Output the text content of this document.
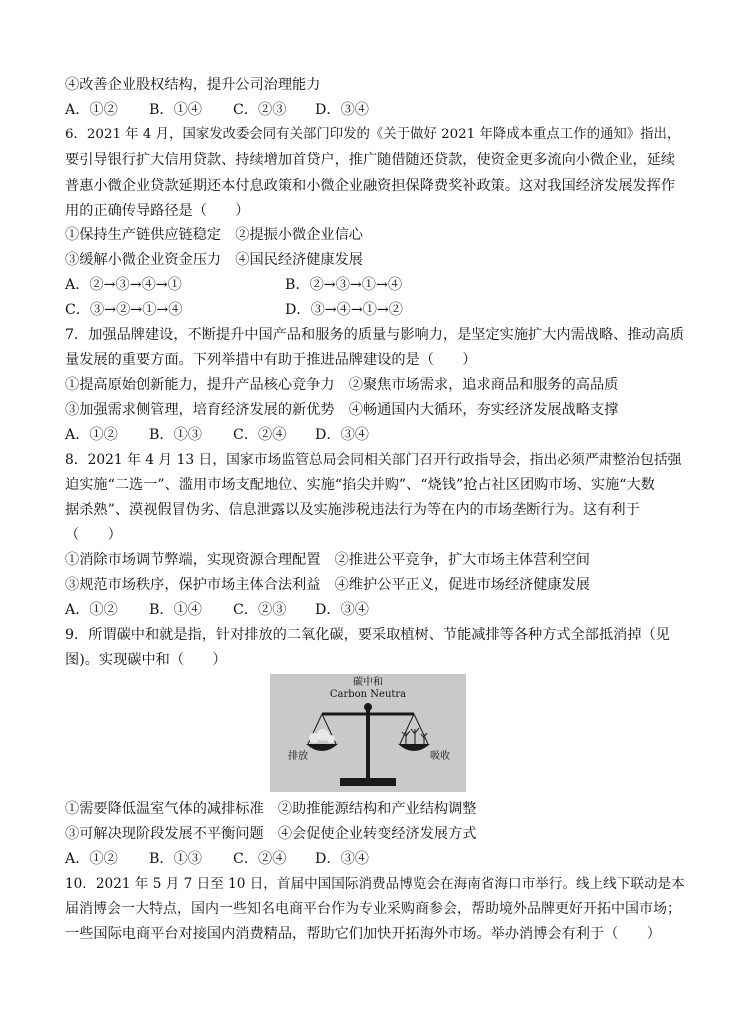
④改善企业股权结构，提升公司治理能力
A．①② B．①④ C．②③ D．③④
6．2021 年 4 月，国家发改委会同有关部门印发的《关于做好 2021 年降成本重点工作的通知》指出，
要引导银行扩大信用贷款、持续增加首贷户，推广随借随还贷款，使资金更多流向小微企业，延续
普惠小微企业贷款延期还本付息政策和小微企业融资担保降费奖补政策。这对我国经济发展发挥作
用的正确传导路径是（　　）
①保持生产链供应链稳定　②提振小微企业信心
③缓解小微企业资金压力　④国民经济健康发展
A．②→③→④→①	B．②→③→①→④
C．③→②→①→④	D．③→④→①→②
7．加强品牌建设，不断提升中国产品和服务的质量与影响力，是坚定实施扩大内需战略、推动高质
量发展的重要方面。下列举措中有助于推进品牌建设的是（　　）
①提高原始创新能力，提升产品核心竞争力　②聚焦市场需求，追求商品和服务的高品质
③加强需求侧管理，培育经济发展的新优势　④畅通国内大循环，夯实经济发展战略支撑
A．①② B．①③ C．②④ D．③④
8．2021 年 4 月 13 日，国家市场监管总局会同相关部门召开行政指导会，指出必须严肃整治包括强
迫实施“二选一”、滥用市场支配地位、实施“掐尖并购”、“烧钱”抢占社区团购市场、实施“大数
据杀熟”、漠视假冒伪劣、信息泄露以及实施涉税违法行为等在内的市场垄断行为。这有利于
（　　）
①消除市场调节弊端，实现资源合理配置　②推进公平竞争，扩大市场主体营利空间
③规范市场秩序，保护市场主体合法利益　④维护公平正义，促进市场经济健康发展
A．①② B．①④ C．②③ D．③④
9．所谓碳中和就是指，针对排放的二氧化碳，要采取植树、节能减排等各种方式全部抵消掉（见
图)。实现碳中和（　　）
碳中和
Carbon Neutra
排放	吸收
①需要降低温室气体的减排标准　②助推能源结构和产业结构调整
③可解决现阶段发展不平衡问题　④会促使企业转变经济发展方式
A．①② B．①③ C．②④ D．③④
10．2021 年 5 月 7 日至 10 日，首届中国国际消费品博览会在海南省海口市举行。线上线下联动是本
届消博会一大特点，国内一些知名电商平台作为专业采购商参会，帮助境外品牌更好开拓中国市场；
一些国际电商平台对接国内消费精品，帮助它们加快开拓海外市场。举办消博会有利于（　　）
